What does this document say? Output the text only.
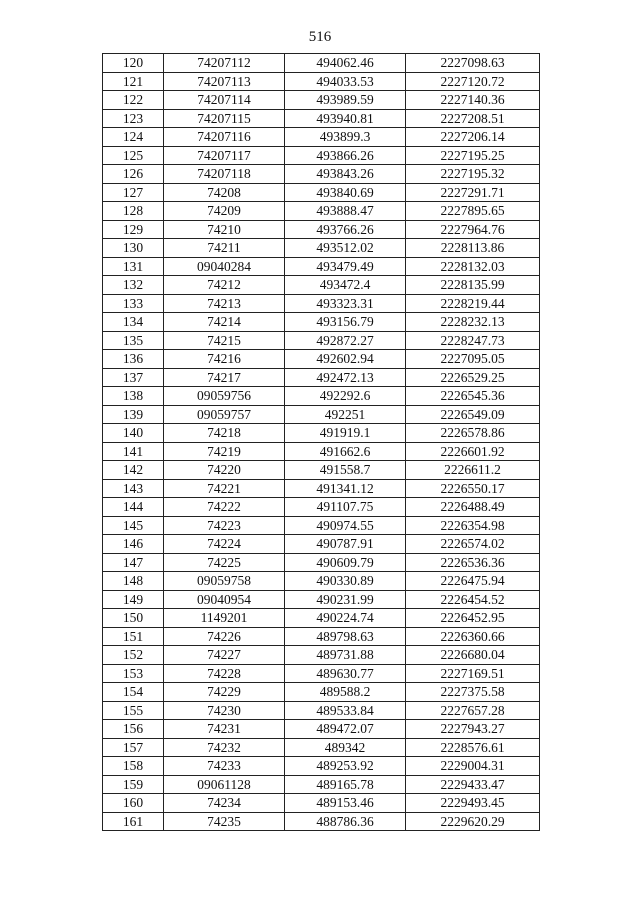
516
120	74207112	494062.46	2227098.63
121	74207113	494033.53	2227120.72
122	74207114	493989.59	2227140.36
123	74207115	493940.81	2227208.51
124	74207116	493899.3	2227206.14
125	74207117	493866.26	2227195.25
126	74207118	493843.26	2227195.32
127	74208	493840.69	2227291.71
128	74209	493888.47	2227895.65
129	74210	493766.26	2227964.76
130	74211	493512.02	2228113.86
131	09040284	493479.49	2228132.03
132	74212	493472.4	2228135.99
133	74213	493323.31	2228219.44
134	74214	493156.79	2228232.13
135	74215	492872.27	2228247.73
136	74216	492602.94	2227095.05
137	74217	492472.13	2226529.25
138	09059756	492292.6	2226545.36
139	09059757	492251	2226549.09
140	74218	491919.1	2226578.86
141	74219	491662.6	2226601.92
142	74220	491558.7	2226611.2
143	74221	491341.12	2226550.17
144	74222	491107.75	2226488.49
145	74223	490974.55	2226354.98
146	74224	490787.91	2226574.02
147	74225	490609.79	2226536.36
148	09059758	490330.89	2226475.94
149	09040954	490231.99	2226454.52
150	1149201	490224.74	2226452.95
151	74226	489798.63	2226360.66
152	74227	489731.88	2226680.04
153	74228	489630.77	2227169.51
154	74229	489588.2	2227375.58
155	74230	489533.84	2227657.28
156	74231	489472.07	2227943.27
157	74232	489342	2228576.61
158	74233	489253.92	2229004.31
159	09061128	489165.78	2229433.47
160	74234	489153.46	2229493.45
161	74235	488786.36	2229620.29
